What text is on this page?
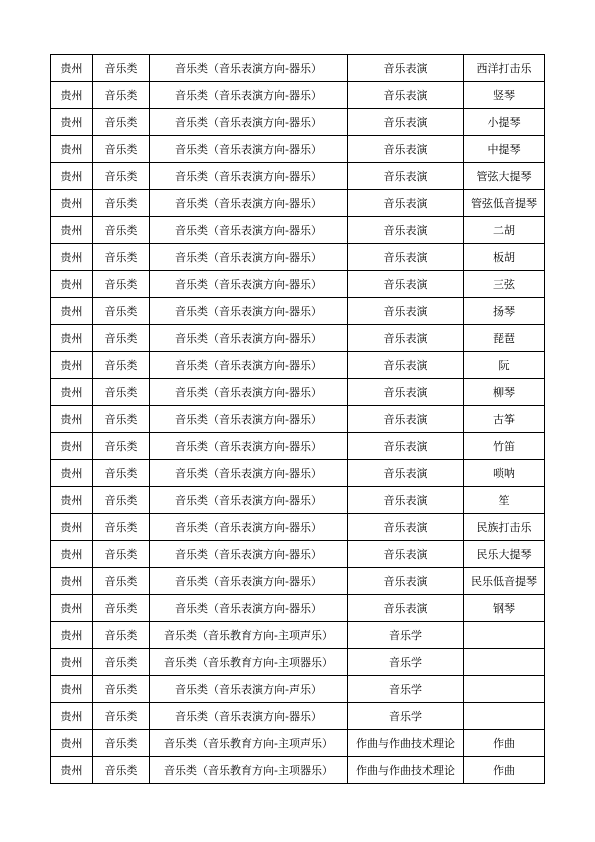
贵州	音乐类	音乐类（音乐表演方向-器乐）	音乐表演	西洋打击乐
贵州	音乐类	音乐类（音乐表演方向-器乐）	音乐表演	竖琴
贵州	音乐类	音乐类（音乐表演方向-器乐）	音乐表演	小提琴
贵州	音乐类	音乐类（音乐表演方向-器乐）	音乐表演	中提琴
贵州	音乐类	音乐类（音乐表演方向-器乐）	音乐表演	管弦大提琴
贵州	音乐类	音乐类（音乐表演方向-器乐）	音乐表演	管弦低音提琴
贵州	音乐类	音乐类（音乐表演方向-器乐）	音乐表演	二胡
贵州	音乐类	音乐类（音乐表演方向-器乐）	音乐表演	板胡
贵州	音乐类	音乐类（音乐表演方向-器乐）	音乐表演	三弦
贵州	音乐类	音乐类（音乐表演方向-器乐）	音乐表演	扬琴
贵州	音乐类	音乐类（音乐表演方向-器乐）	音乐表演	琵琶
贵州	音乐类	音乐类（音乐表演方向-器乐）	音乐表演	阮
贵州	音乐类	音乐类（音乐表演方向-器乐）	音乐表演	柳琴
贵州	音乐类	音乐类（音乐表演方向-器乐）	音乐表演	古筝
贵州	音乐类	音乐类（音乐表演方向-器乐）	音乐表演	竹笛
贵州	音乐类	音乐类（音乐表演方向-器乐）	音乐表演	唢呐
贵州	音乐类	音乐类（音乐表演方向-器乐）	音乐表演	笙
贵州	音乐类	音乐类（音乐表演方向-器乐）	音乐表演	民族打击乐
贵州	音乐类	音乐类（音乐表演方向-器乐）	音乐表演	民乐大提琴
贵州	音乐类	音乐类（音乐表演方向-器乐）	音乐表演	民乐低音提琴
贵州	音乐类	音乐类（音乐表演方向-器乐）	音乐表演	钢琴
贵州	音乐类	音乐类（音乐教育方向-主项声乐）	音乐学	
贵州	音乐类	音乐类（音乐教育方向-主项器乐）	音乐学	
贵州	音乐类	音乐类（音乐表演方向-声乐）	音乐学	
贵州	音乐类	音乐类（音乐表演方向-器乐）	音乐学	
贵州	音乐类	音乐类（音乐教育方向-主项声乐）	作曲与作曲技术理论	作曲
贵州	音乐类	音乐类（音乐教育方向-主项器乐）	作曲与作曲技术理论	作曲
